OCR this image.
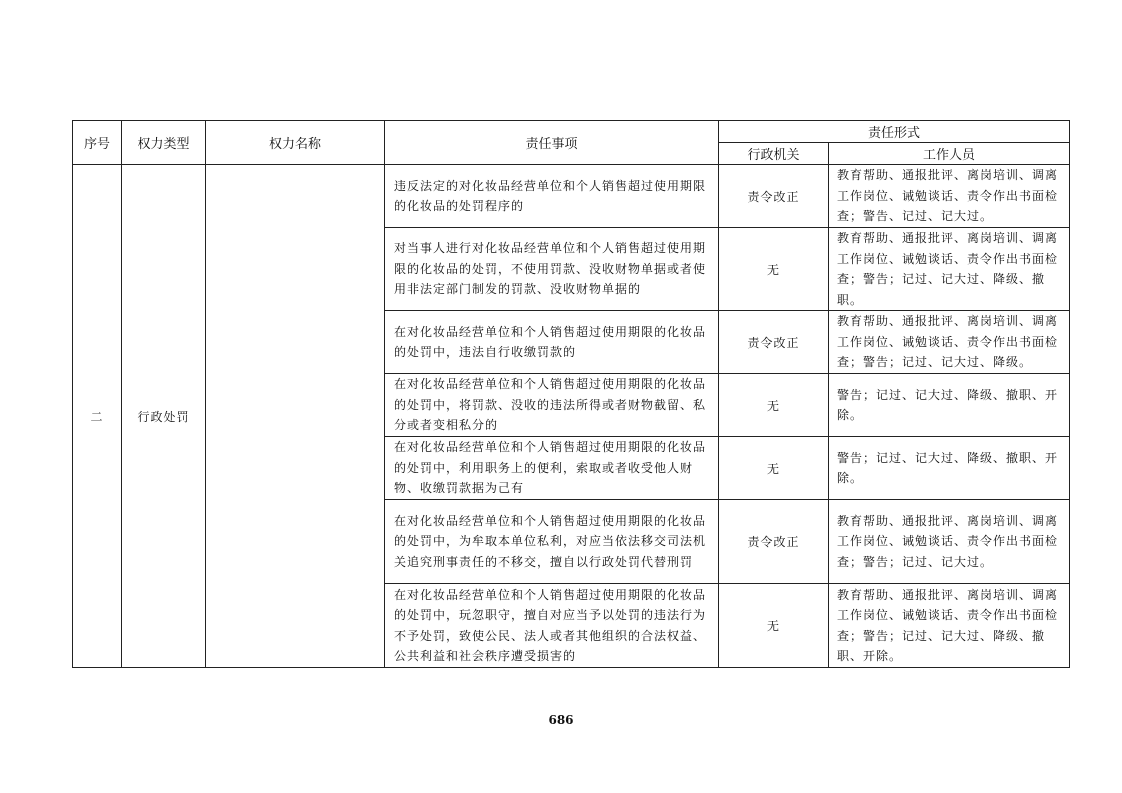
序号	权力类型	权力名称	责任事项	责任形式	
				行政机关	工作人员
二	行政处罚		违反法定的对化妆品经营单位和个人销售超过使用期限的化妆品的处罚程序的	责令改正	教育帮助、通报批评、离岗培训、调离工作岗位、诫勉谈话、责令作出书面检查；警告、记过、记大过。
			对当事人进行对化妆品经营单位和个人销售超过使用期限的化妆品的处罚，不使用罚款、没收财物单据或者使用非法定部门制发的罚款、没收财物单据的	无	教育帮助、通报批评、离岗培训、调离工作岗位、诫勉谈话、责令作出书面检查；警告；记过、记大过、降级、撤职。
			在对化妆品经营单位和个人销售超过使用期限的化妆品的处罚中，违法自行收缴罚款的	责令改正	教育帮助、通报批评、离岗培训、调离工作岗位、诫勉谈话、责令作出书面检查；警告；记过、记大过、降级。
			在对化妆品经营单位和个人销售超过使用期限的化妆品的处罚中，将罚款、没收的违法所得或者财物截留、私分或者变相私分的	无	警告；记过、记大过、降级、撤职、开除。
			在对化妆品经营单位和个人销售超过使用期限的化妆品的处罚中，利用职务上的便利，索取或者收受他人财物、收缴罚款据为己有	无	警告；记过、记大过、降级、撤职、开除。
			在对化妆品经营单位和个人销售超过使用期限的化妆品的处罚中，为牟取本单位私利，对应当依法移交司法机关追究刑事责任的不移交，擅自以行政处罚代替刑罚	责令改正	教育帮助、通报批评、离岗培训、调离工作岗位、诫勉谈话、责令作出书面检查；警告；记过、记大过。
			在对化妆品经营单位和个人销售超过使用期限的化妆品的处罚中，玩忽职守，擅自对应当予以处罚的违法行为不予处罚，致使公民、法人或者其他组织的合法权益、公共利益和社会秩序遭受损害的	无	教育帮助、通报批评、离岗培训、调离工作岗位、诫勉谈话、责令作出书面检查；警告；记过、记大过、降级、撤职、开除。
686
